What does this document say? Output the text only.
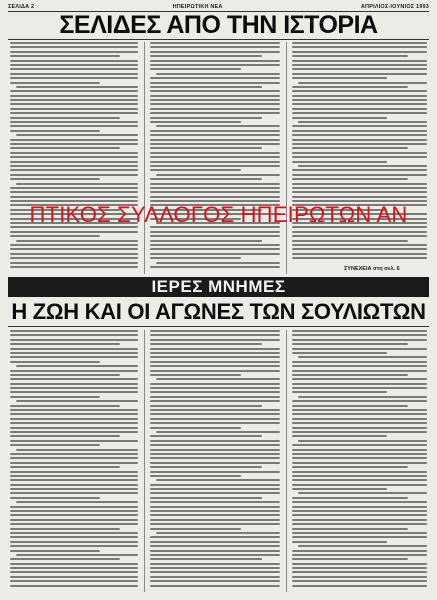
ΣΕΛΙΔΑ 2	ΗΠΕΙΡΩΤΙΚΗ ΝΕΑ	ΑΠΡΙΛΙΟΣ-ΙΟΥΝΙΟΣ 1993
ΣΕΛΙΔΕΣ ΑΠΟ ΤΗΝ ΙΣΤΟΡΙΑ
ΣΥΝΕΧΕΙΑ στη σελ. 6
ΠΤΙΚΟΣ ΣΥΛΛΟΓΟΣ ΗΠΕΙΡΩΤΩΝ ΑΝ
ΙΕΡΕΣ ΜΝΗΜΕΣ
Η ΖΩΗ ΚΑΙ ΟΙ ΑΓΩΝΕΣ ΤΩΝ ΣΟΥΛΙΩΤΩΝ
